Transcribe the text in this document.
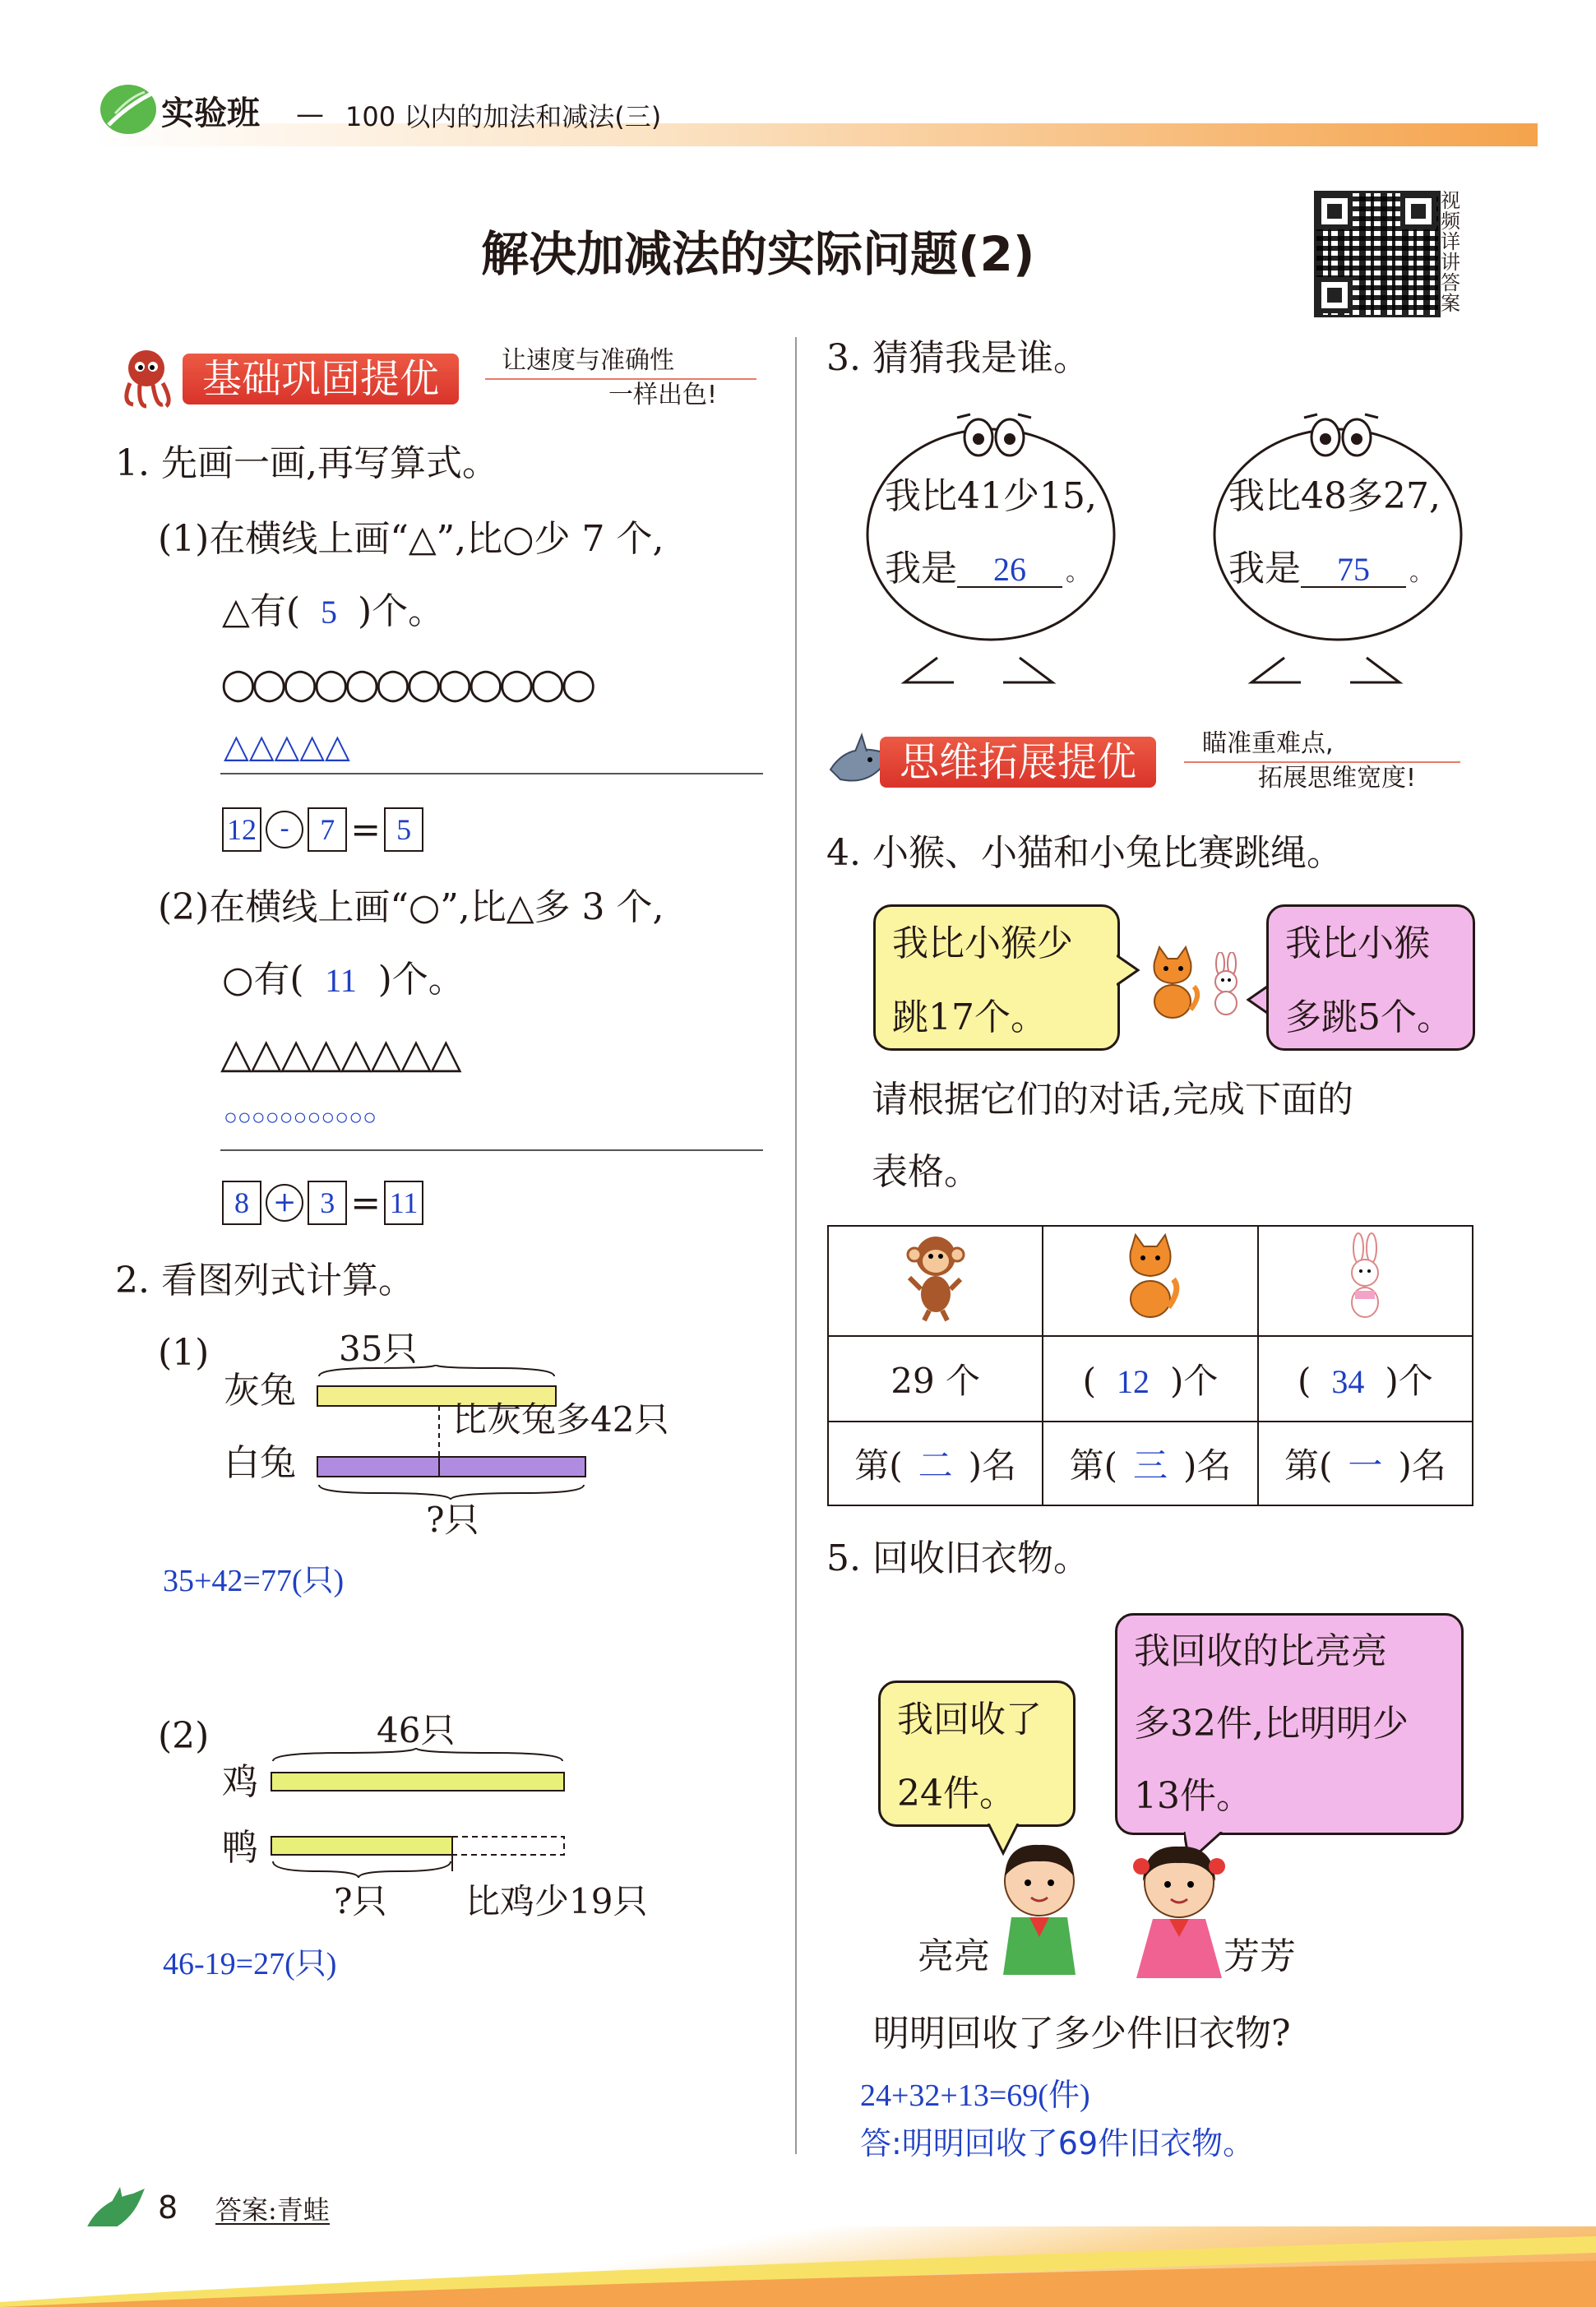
实验班 — 100 以内的加法和减法(三)
解决加减法的实际问题(2)
视频详讲答案
基础巩固提优	让速度与准确性
一样出色!
1. 先画一画,再写算式。
(1)在横线上画“△”,比○少 7 个,
△有( 5 )个。
○○○○○○○○○○○○
△△△△△
12 - 7 = 5
(2)在横线上画“○”,比△多 3 个,
○有( 11 )个。
△△△△△△△△
○○○○○○○○○○○
8 + 3 = 11
2. 看图列式计算。
(1)	35只
灰兔
白兔
比灰兔多42只
?只
35+42=77(只)
(2)	46只
鸡
鸭
?只 比鸡少19只
46-19=27(只)
3. 猜猜我是谁。
我比41少15,
我是 26 。
我比48多27,
我是 75 。
思维拓展提优	瞄准重难点,
拓展思维宽度!
4. 小猴、小猫和小兔比赛跳绳。
我比小猴少
跳17个。
我比小猴
多跳5个。
请根据它们的对话,完成下面的
表格。

29 个	( 12 )个	( 34 )个
第( 二 )名	第( 三 )名	第( 一 )名
5. 回收旧衣物。
我回收了
24件。
我回收的比亮亮
多32件,比明明少
13件。
亮亮	芳芳
明明回收了多少件旧衣物?
24+32+13=69(件)
答:明明回收了69件旧衣物。
8 答案:青蛙
